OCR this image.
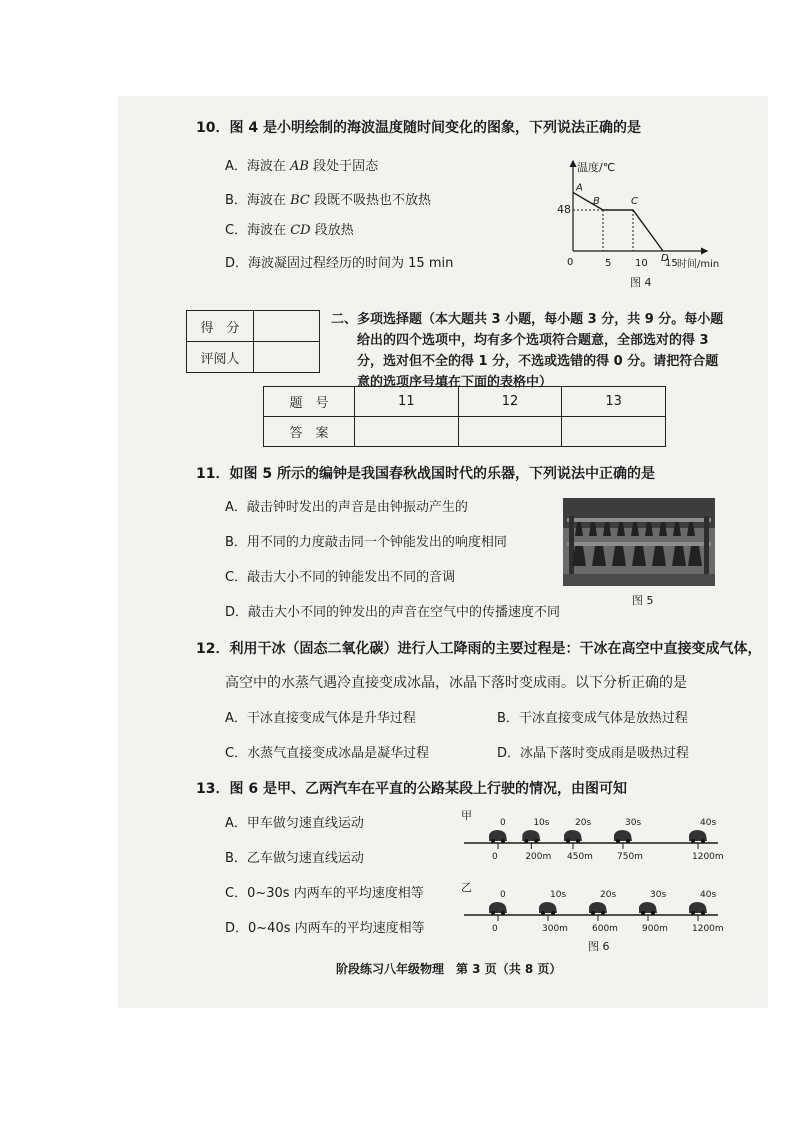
10．图 4 是小明绘制的海波温度随时间变化的图象，下列说法正确的是
A．海波在 AB 段处于固态
B．海波在 BC 段既不吸热也不放热
C．海波在 CD 段放热
D．海波凝固过程经历的时间为 15 min
A
B	C
D
温度/℃
时间/min
0
48
5 10 15
图 4
得　分	
评阅人	
二、多项选择题（本大题共 3 小题，每小题 3 分，共 9 分。每小题
给出的四个选项中，均有多个选项符合题意，全部选对的得 3
分，选对但不全的得 1 分，不选或选错的得 0 分。请把符合题
意的选项序号填在下面的表格中）
题　号	11	12	13
答　案			
11．如图 5 所示的编钟是我国春秋战国时代的乐器，下列说法中正确的是
A．敲击钟时发出的声音是由钟振动产生的
B．用不同的力度敲击同一个钟能发出的响度相同
C．敲击大小不同的钟能发出不同的音调
D．敲击大小不同的钟发出的声音在空气中的传播速度不同
图 5
12．利用干冰（固态二氧化碳）进行人工降雨的主要过程是：干冰在高空中直接变成气体，
高空中的水蒸气遇冷直接变成冰晶，冰晶下落时变成雨。以下分析正确的是
A．干冰直接变成气体是升华过程	B．干冰直接变成气体是放热过程
C．水蒸气直接变成冰晶是凝华过程	D．冰晶下落时变成雨是吸热过程
13．图 6 是甲、乙两汽车在平直的公路某段上行驶的情况，由图可知
A．甲车做匀速直线运动
B．乙车做匀速直线运动
C．0~30s 内两车的平均速度相等
D．0~40s 内两车的平均速度相等
甲
0
0
10s
200m
20s
450m
30s
750m
40s
1200m
乙
0
0
10s
300m
20s
600m
30s
900m
40s
1200m
图 6
阶段练习八年级物理　第 3 页（共 8 页）
